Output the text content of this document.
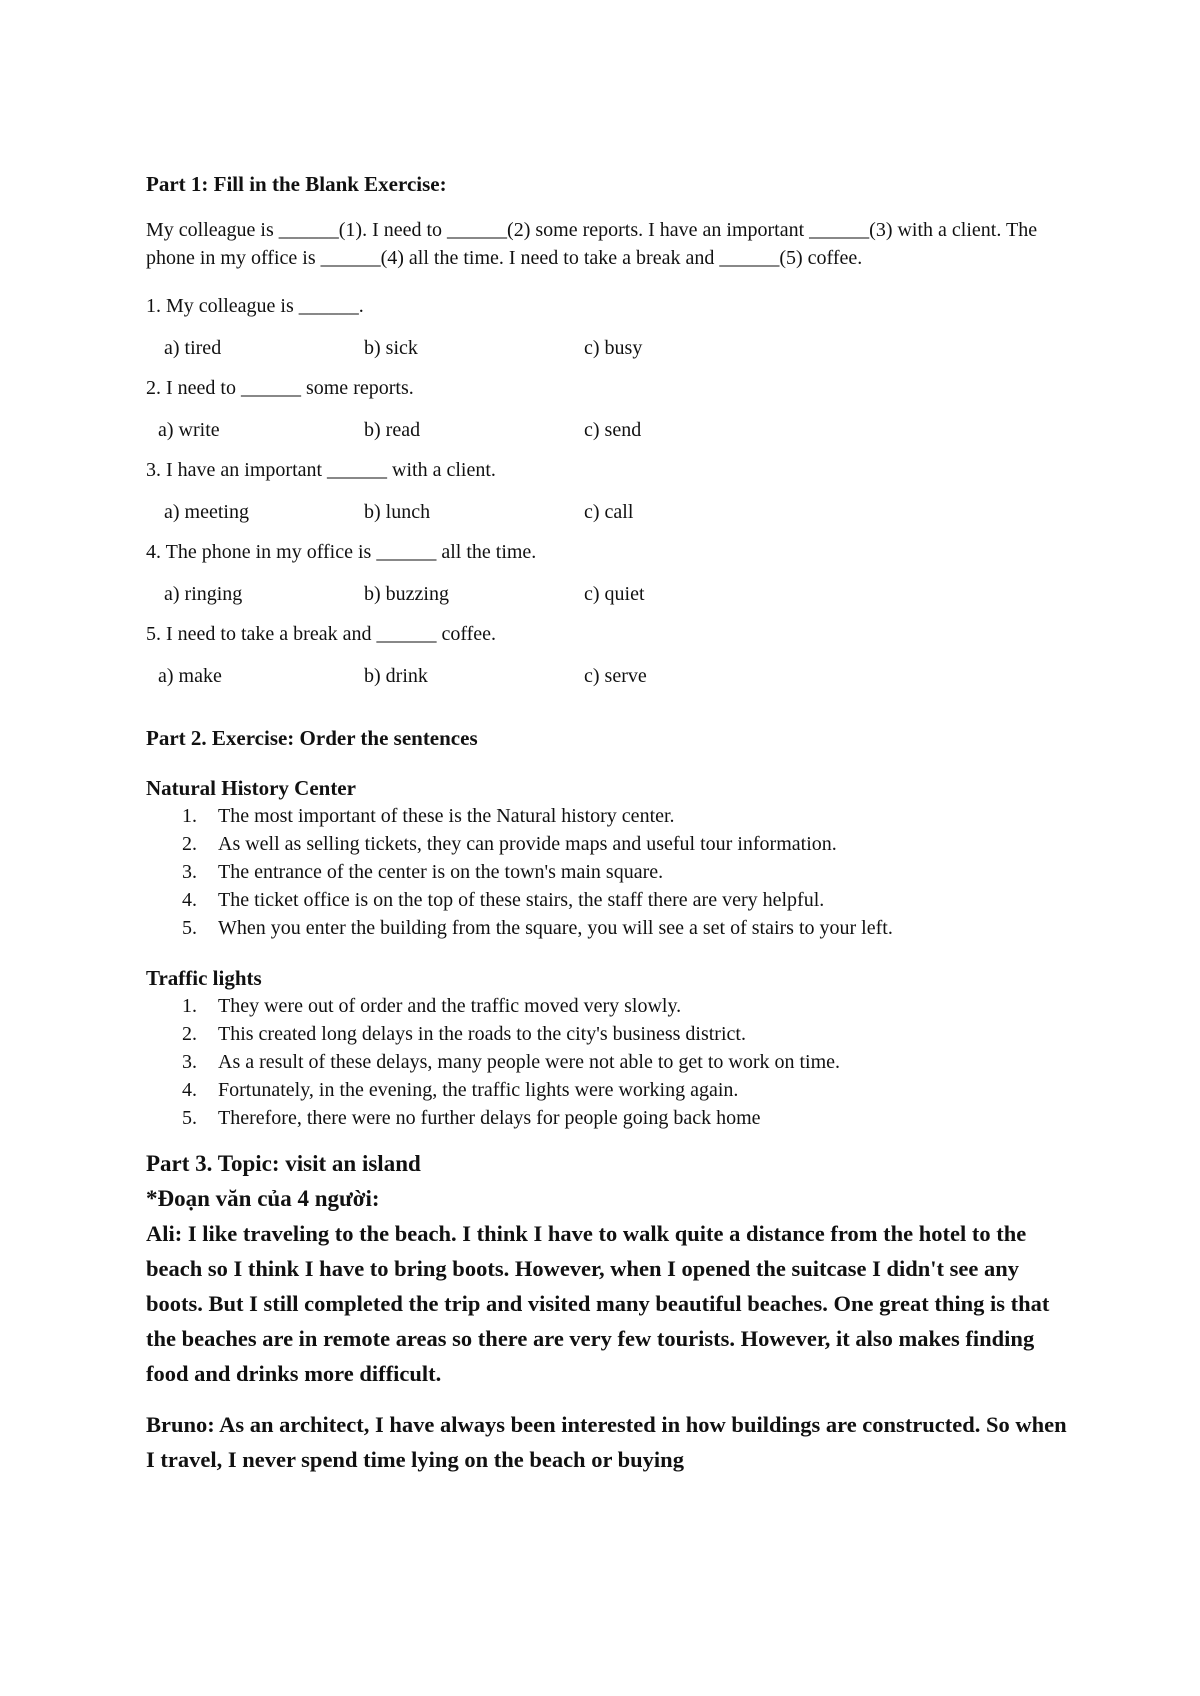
Part 1: Fill in the Blank Exercise:

My colleague is ______(1). I need to ______(2) some reports. I have an important ______(3) with a client. The phone in my office is ______(4) all the time. I need to take a break and ______(5) coffee.

1. My colleague is ______.

a) tired	b) sick	c) busy

2. I need to ______ some reports.

a) write	b) read	c) send

3. I have an important ______ with a client.

a) meeting	b) lunch	c) call

4. The phone in my office is ______ all the time.

a) ringing	b) buzzing	c) quiet

5. I need to take a break and ______ coffee.

a) make	b) drink	c) serve

Part 2. Exercise: Order the sentences

Natural History Center

1. The most important of these is the Natural history center.
2. As well as selling tickets, they can provide maps and useful tour information.
3. The entrance of the center is on the town's main square.
4. The ticket office is on the top of these stairs, the staff there are very helpful.
5. When you enter the building from the square, you will see a set of stairs to your left.

Traffic lights

1. They were out of order and the traffic moved very slowly.
2. This created long delays in the roads to the city's business district.
3. As a result of these delays, many people were not able to get to work on time.
4. Fortunately, in the evening, the traffic lights were working again.
5. Therefore, there were no further delays for people going back home

Part 3. Topic: visit an island

*Đoạn văn của 4 người:

Ali: I like traveling to the beach. I think I have to walk quite a distance from the hotel to the beach so I think I have to bring boots. However, when I opened the suitcase I didn't see any boots. But I still completed the trip and visited many beautiful beaches. One great thing is that the beaches are in remote areas so there are very few tourists. However, it also makes finding food and drinks more difficult.

Bruno: As an architect, I have always been interested in how buildings are constructed. So when I travel, I never spend time lying on the beach or buying
